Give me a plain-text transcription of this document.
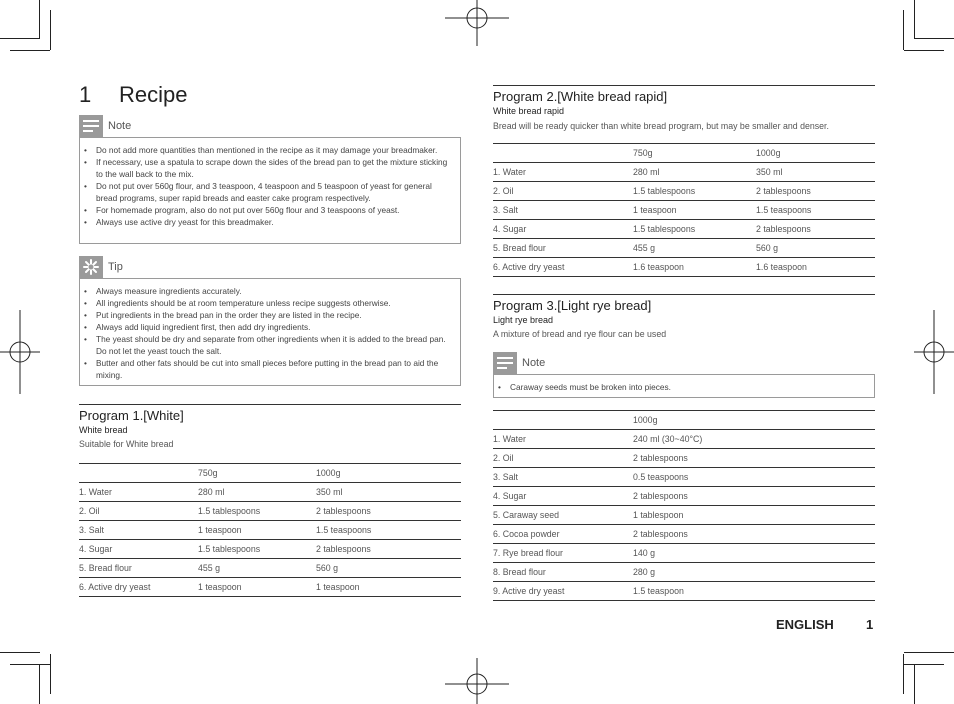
1 Recipe
Note
• Do not add more quantities than mentioned in the recipe as it may damage your breadmaker.
• If necessary, use a spatula to scrape down the sides of the bread pan to get the mixture sticking to the wall back to the mix.
• Do not put over 560g flour, and 3 teaspoon, 4 teaspoon and 5 teaspoon of yeast for general bread programs, super rapid breads and easter cake program respectively.
• For homemade program, also do not put over 560g flour and 3 teaspoons of yeast.
• Always use active dry yeast for this breadmaker.
Tip
• Always measure ingredients accurately.
• All ingredients should be at room temperature unless recipe suggests otherwise.
• Put ingredients in the bread pan in the order they are listed in the recipe.
• Always add liquid ingredient first, then add dry ingredients.
• The yeast should be dry and separate from other ingredients when it is added to the bread pan. Do not let the yeast touch the salt.
• Butter and other fats should be cut into small pieces before putting in the bread pan to aid the mixing.
Program 1.[White]
White bread
Suitable for White bread
	750g	1000g
1. Water	280 ml	350 ml
2. Oil	1.5 tablespoons	2 tablespoons
3. Salt	1 teaspoon	1.5 teaspoons
4. Sugar	1.5 tablespoons	2 tablespoons
5. Bread flour	455 g	560 g
6. Active dry yeast	1 teaspoon	1 teaspoon
Program 2.[White bread rapid]
White bread rapid
Bread will be ready quicker than white bread program, but may be smaller and denser.
	750g	1000g
1. Water	280 ml	350 ml
2. Oil	1.5 tablespoons	2 tablespoons
3. Salt	1 teaspoon	1.5 teaspoons
4. Sugar	1.5 tablespoons	2 tablespoons
5. Bread flour	455 g	560 g
6. Active dry yeast	1.6 teaspoon	1.6 teaspoon
Program 3.[Light rye bread]
Light rye bread
A mixture of bread and rye flour can be used
Note
• Caraway seeds must be broken into pieces.
	1000g
1. Water	240 ml (30~40°C)
2. Oil	2 tablespoons
3. Salt	0.5 teaspoons
4. Sugar	2 tablespoons
5. Caraway seed	1 tablespoon
6. Cocoa powder	2 tablespoons
7. Rye bread flour	140 g
8. Bread flour	280 g
9. Active dry yeast	1.5 teaspoon
ENGLISH 1
